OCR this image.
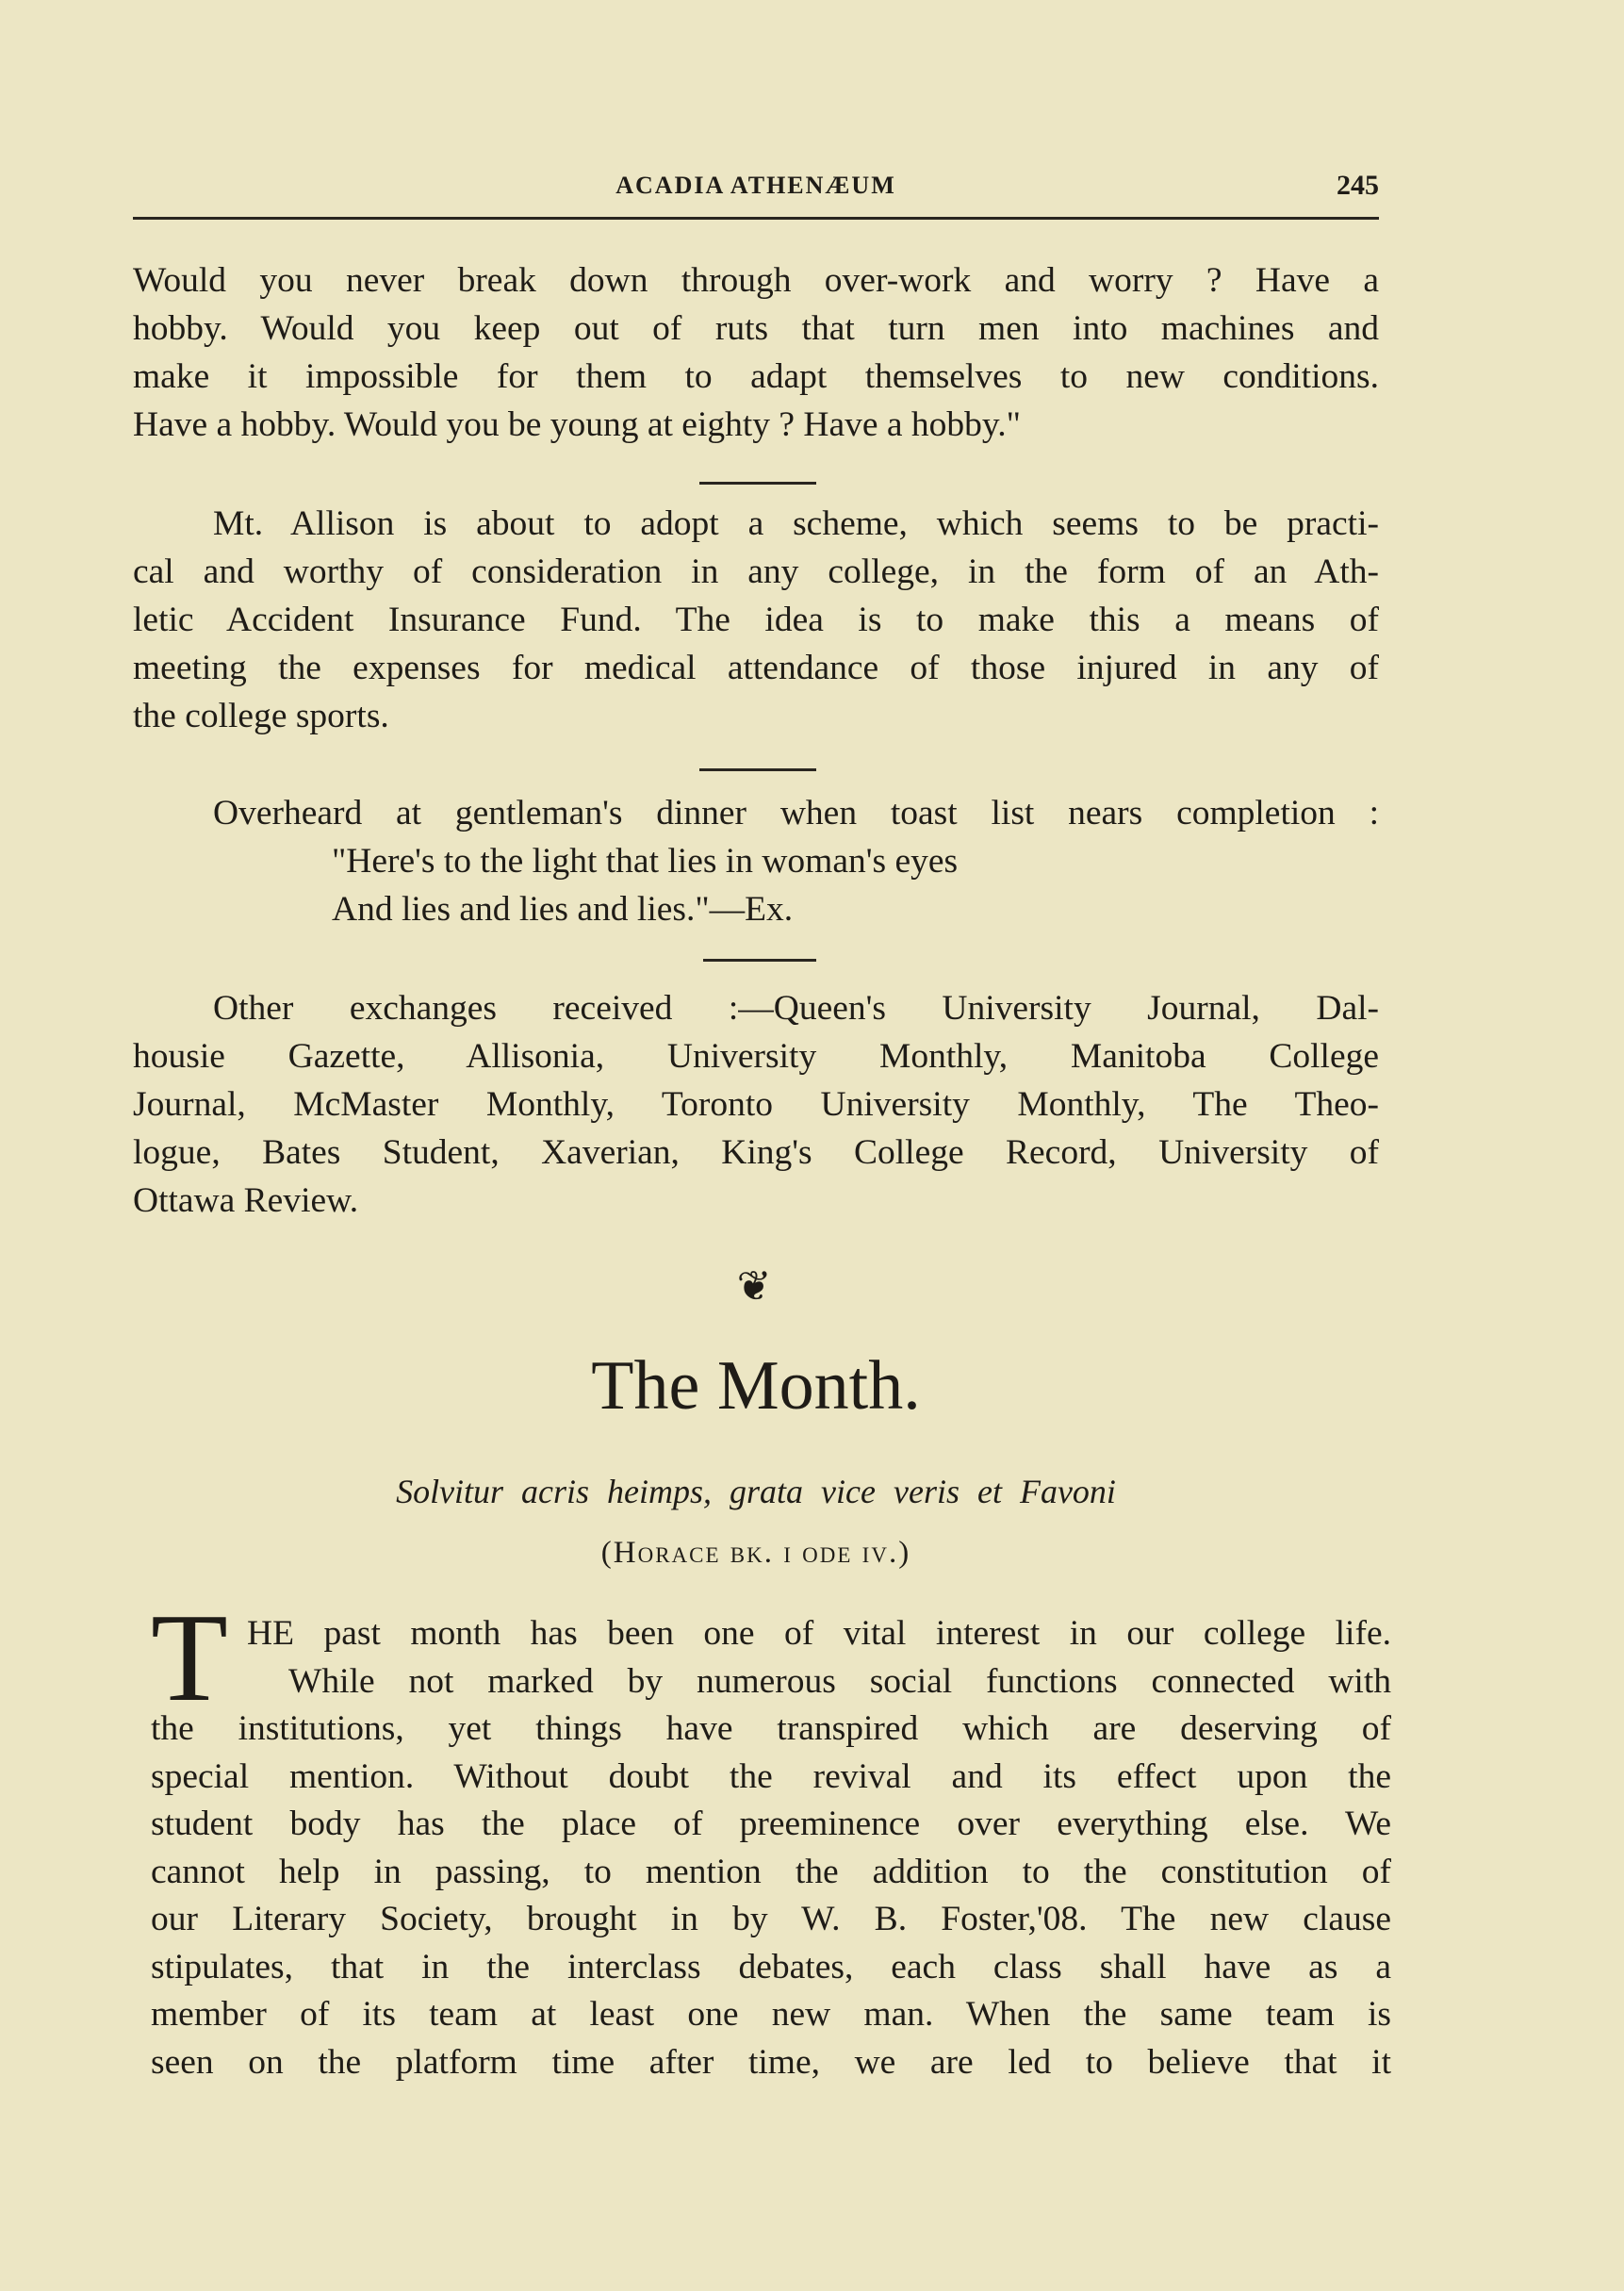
ACADIA ATHENÆUM	245
Would you never break down through over-work and worry ? Have a
hobby. Would you keep out of ruts that turn men into machines and
make it impossible for them to adapt themselves to new conditions.
Have a hobby. Would you be young at eighty ? Have a hobby."
Mt. Allison is about to adopt a scheme, which seems to be practi-
cal and worthy of consideration in any college, in the form of an Ath-
letic Accident Insurance Fund. The idea is to make this a means of
meeting the expenses for medical attendance of those injured in any of
the college sports.
Overheard at gentleman's dinner when toast list nears completion :
"Here's to the light that lies in woman's eyes
And lies and lies and lies."—Ex.
Other exchanges received :—Queen's University Journal, Dal-
housie Gazette, Allisonia, University Monthly, Manitoba College
Journal, McMaster Monthly, Toronto University Monthly, The Theo-
logue, Bates Student, Xaverian, King's College Record, University of
Ottawa Review.
❦
The Month.
Solvitur acris heimps, grata vice veris et Favoni
(Horace bk. i ode iv.)
T HE past month has been one of vital interest in our college life.
While not marked by numerous social functions connected with
the institutions, yet things have transpired which are deserving of
special mention. Without doubt the revival and its effect upon the
student body has the place of preeminence over everything else. We
cannot help in passing, to mention the addition to the constitution of
our Literary Society, brought in by W. B. Foster,'08. The new clause
stipulates, that in the interclass debates, each class shall have as a
member of its team at least one new man. When the same team is
seen on the platform time after time, we are led to believe that it
